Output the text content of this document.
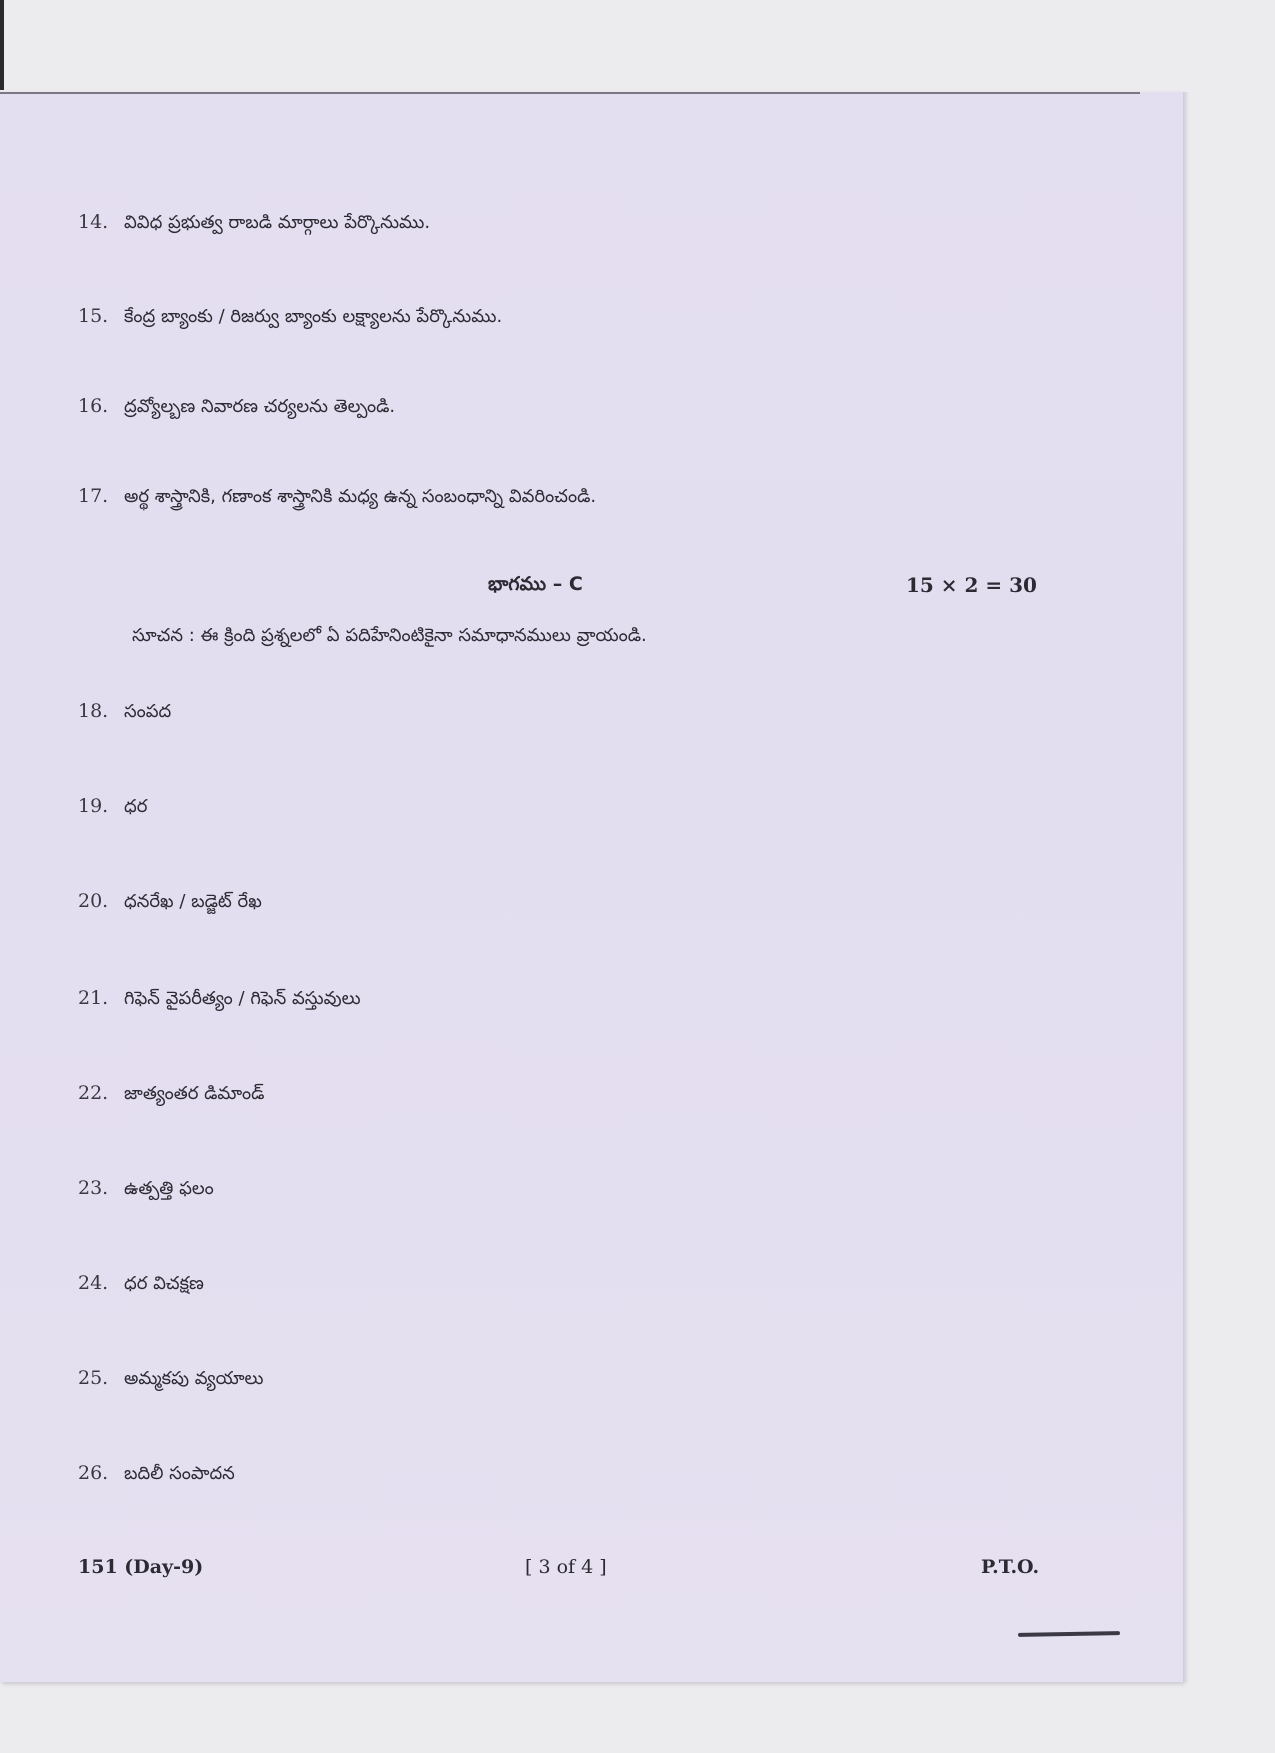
14. వివిధ ప్రభుత్వ రాబడి మార్గాలు పేర్కొనుము.
15. కేంద్ర బ్యాంకు / రిజర్వు బ్యాంకు లక్ష్యాలను పేర్కొనుము.
16. ద్రవ్యోల్బణ నివారణ చర్యలను తెల్పండి.
17. అర్థ శాస్త్రానికి, గణాంక శాస్త్రానికి మధ్య ఉన్న సంబంధాన్ని వివరించండి.
భాగము – C	15 × 2 = 30
సూచన : ఈ క్రింది ప్రశ్నలలో ఏ పదిహేనింటికైనా సమాధానములు వ్రాయండి.
18. సంపద
19. ధర
20. ధనరేఖ / బడ్జెట్ రేఖ
21. గిఫెన్ వైపరీత్యం / గిఫెన్ వస్తువులు
22. జాత్యంతర డిమాండ్
23. ఉత్పత్తి ఫలం
24. ధర విచక్షణ
25. అమ్మకపు వ్యయాలు
26. బదిలీ సంపాదన
151 (Day-9)	[ 3 of 4 ]	P.T.O.
